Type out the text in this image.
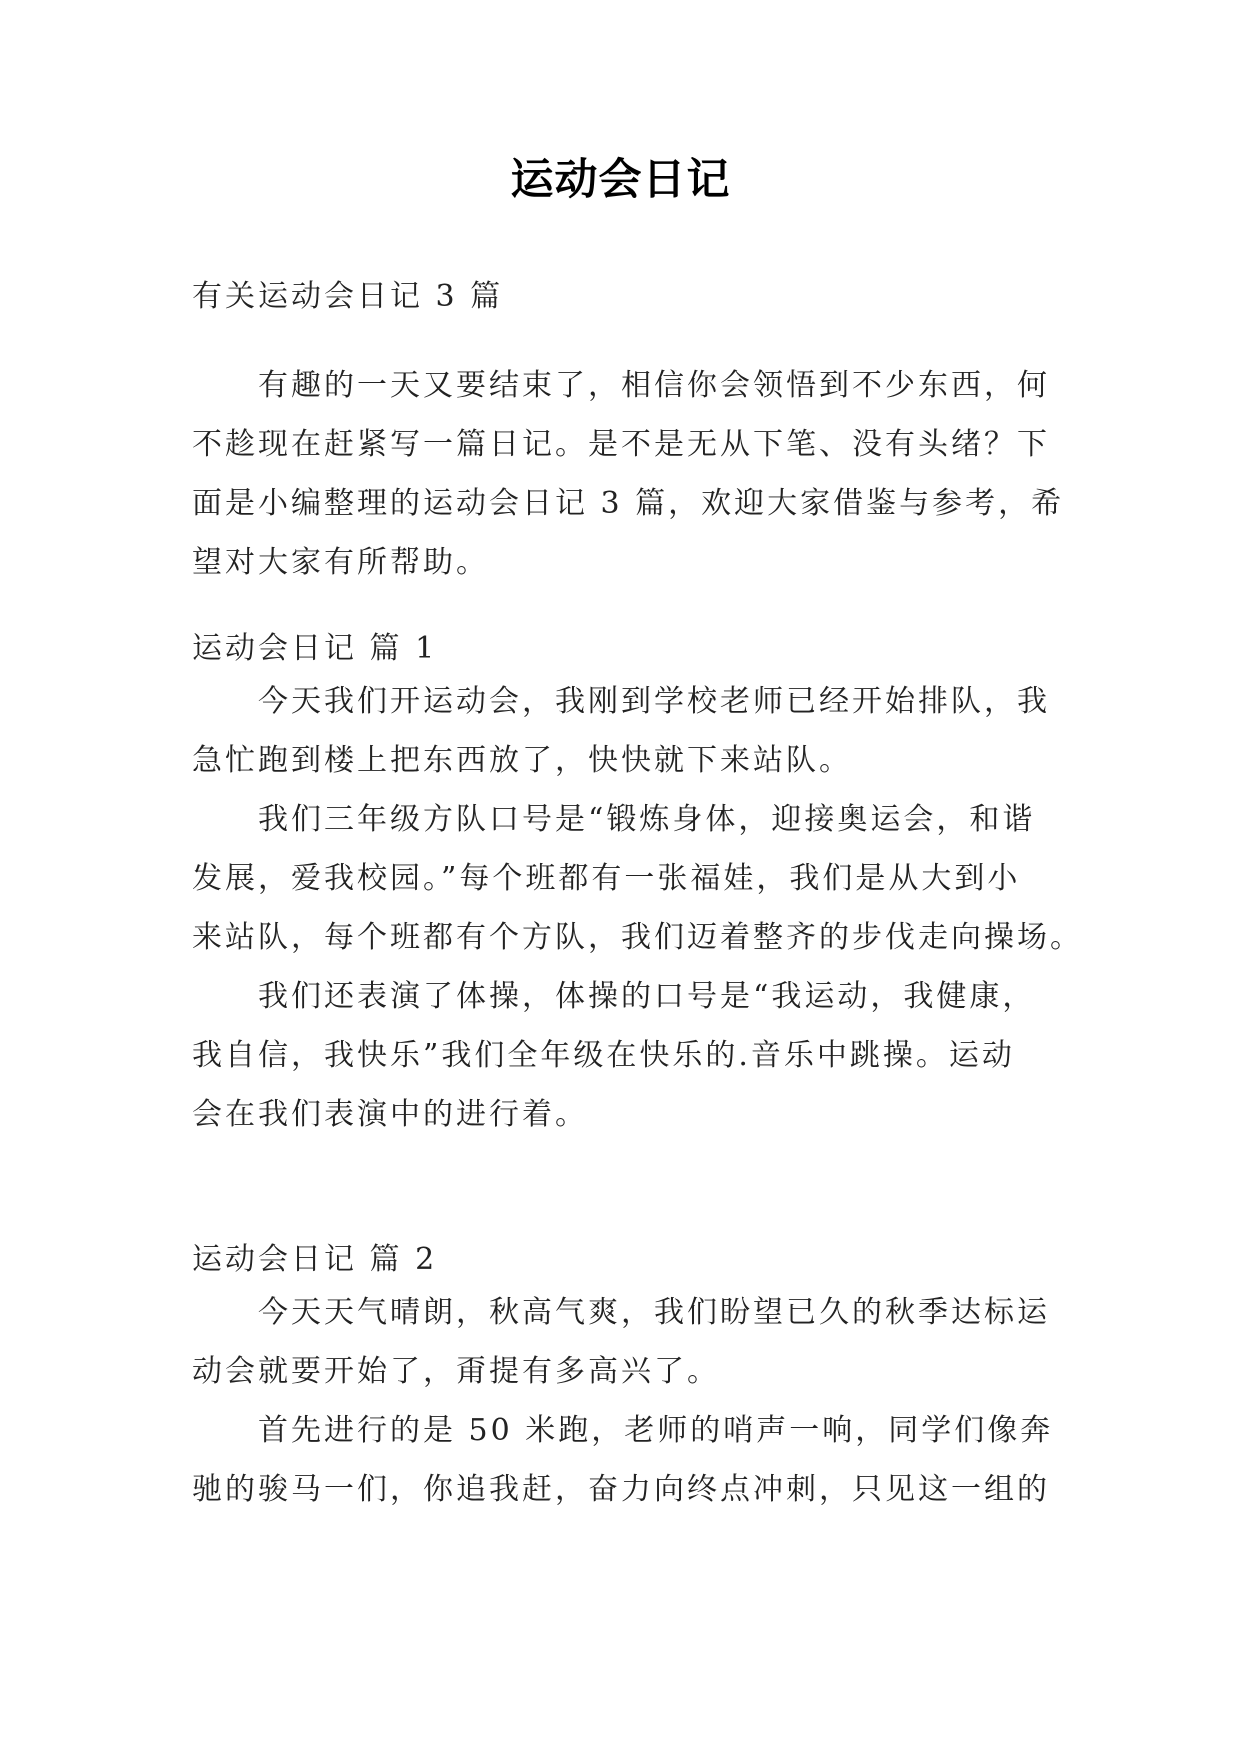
运动会日记
有关运动会日记 3 篇
有趣的一天又要结束了，相信你会领悟到不少东西，何
不趁现在赶紧写一篇日记。是不是无从下笔、没有头绪？下
面是小编整理的运动会日记 3 篇，欢迎大家借鉴与参考，希
望对大家有所帮助。
运动会日记 篇 1
今天我们开运动会，我刚到学校老师已经开始排队，我
急忙跑到楼上把东西放了，快快就下来站队。
我们三年级方队口号是“锻炼身体，迎接奥运会，和谐
发展，爱我校园。”每个班都有一张福娃，我们是从大到小
来站队，每个班都有个方队，我们迈着整齐的步伐走向操场。
我们还表演了体操，体操的口号是“我运动，我健康，
我自信，我快乐”我们全年级在快乐的.音乐中跳操。运动
会在我们表演中的进行着。
运动会日记 篇 2
今天天气晴朗，秋高气爽，我们盼望已久的秋季达标运
动会就要开始了，甭提有多高兴了。
首先进行的是 50 米跑，老师的哨声一响，同学们像奔
驰的骏马一们，你追我赶，奋力向终点冲刺，只见这一组的
